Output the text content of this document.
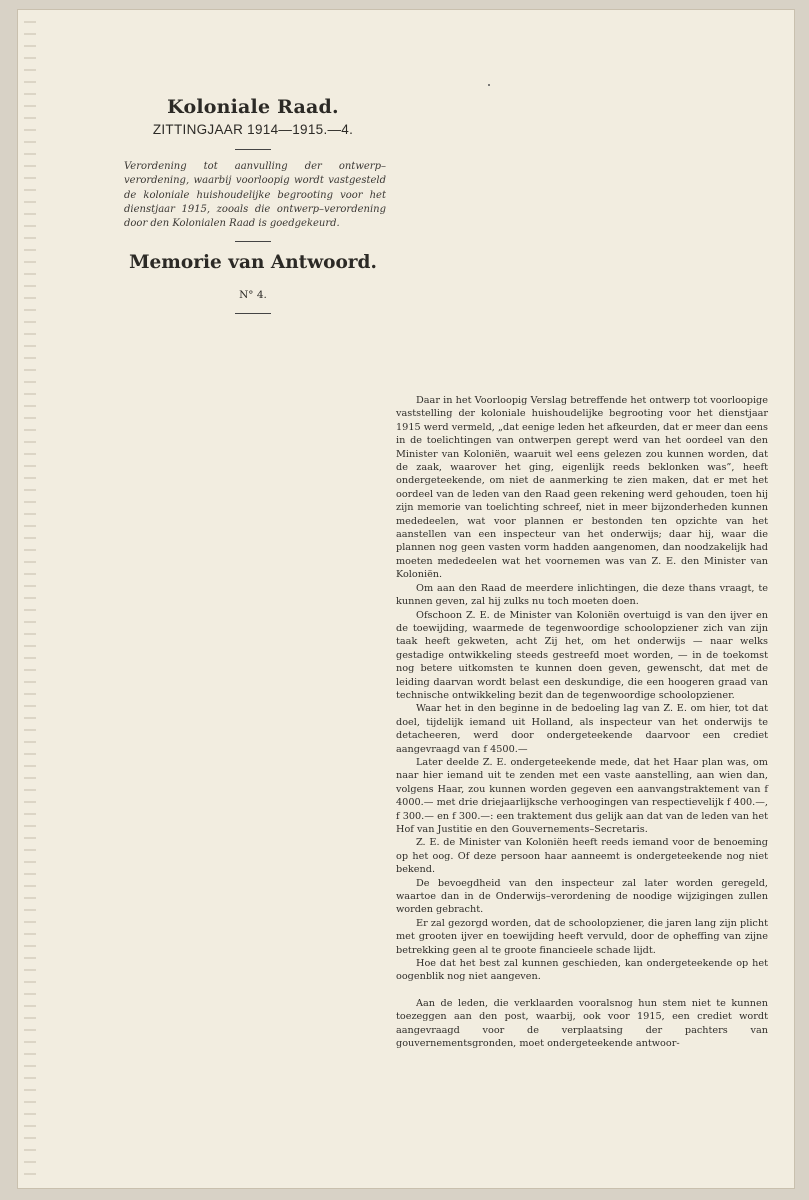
Koloniale Raad.

ZITTINGJAAR 1914—1915.—4.

Verordening tot aanvulling der ontwerp–verordening, waarbij voorloopig wordt vastgesteld de koloniale huishoudelijke begrooting voor het dienstjaar 1915, zooals die ontwerp–verordening door den Kolonialen Raad is goedgekeurd.

Memorie van Antwoord.

N° 4.

Daar in het Voorloopig Verslag betreffende het ontwerp tot voorloopige vaststelling der koloniale huishoudelijke begrooting voor het dienstjaar 1915 werd vermeld, „dat eenige leden het afkeurden, dat er meer dan eens in de toelichtingen van ontwerpen gerept werd van het oordeel van den Minister van Koloniën, waaruit wel eens gelezen zou kunnen worden, dat de zaak, waarover het ging, eigenlijk reeds beklonken was”, heeft ondergeteekende, om niet de aanmerking te zien maken, dat er met het oordeel van de leden van den Raad geen rekening werd gehouden, toen hij zijn memorie van toelichting schreef, niet in meer bijzonderheden kunnen mededeelen, wat voor plannen er bestonden ten opzichte van het aanstellen van een inspecteur van het onderwijs; daar hij, waar die plannen nog geen vasten vorm hadden aangenomen, dan noodzakelijk had moeten mededeelen wat het voornemen was van Z. E. den Minister van Koloniën.

Om aan den Raad de meerdere inlichtingen, die deze thans vraagt, te kunnen geven, zal hij zulks nu toch moeten doen.

Ofschoon Z. E. de Minister van Koloniën overtuigd is van den ijver en de toewijding, waarmede de tegenwoordige schoolopziener zich van zijn taak heeft gekweten, acht Zij het, om het onderwijs — naar welks gestadige ontwikkeling steeds gestreefd moet worden, — in de toekomst nog betere uitkomsten te kunnen doen geven, gewenscht, dat met de leiding daarvan wordt belast een deskundige, die een hoogeren graad van technische ontwikkeling bezit dan de tegenwoordige schoolopziener.

Waar het in den beginne in de bedoeling lag van Z. E. om hier, tot dat doel, tijdelijk iemand uit Holland, als inspecteur van het onderwijs te detacheeren, werd door ondergeteekende daarvoor een crediet aangevraagd van f 4500.—

Later deelde Z. E. ondergeteekende mede, dat het Haar plan was, om naar hier iemand uit te zenden met een vaste aanstelling, aan wien dan, volgens Haar, zou kunnen worden gegeven een aanvangstraktement van f 4000.— met drie driejaarlijksche verhoogingen van respectievelijk f 400.—, f 300.— en f 300.—: een traktement dus gelijk aan dat van de leden van het Hof van Justitie en den Gouvernements–Secretaris.

Z. E. de Minister van Koloniën heeft reeds iemand voor de benoeming op het oog. Of deze persoon haar aanneemt is ondergeteekende nog niet bekend.

De bevoegdheid van den inspecteur zal later worden geregeld, waartoe dan in de Onderwijs–verordening de noodige wijzigingen zullen worden gebracht.

Er zal gezorgd worden, dat de schoolopziener, die jaren lang zijn plicht met grooten ijver en toewijding heeft vervuld, door de opheffing van zijne betrekking geen al te groote financieele schade lijdt.

Hoe dat het best zal kunnen geschieden, kan ondergeteekende op het oogenblik nog niet aangeven.

Aan de leden, die verklaarden vooralsnog hun stem niet te kunnen toezeggen aan den post, waarbij, ook voor 1915, een crediet wordt aangevraagd voor de verplaatsing der pachters van gouvernementsgronden, moet ondergeteekende antwoor-
